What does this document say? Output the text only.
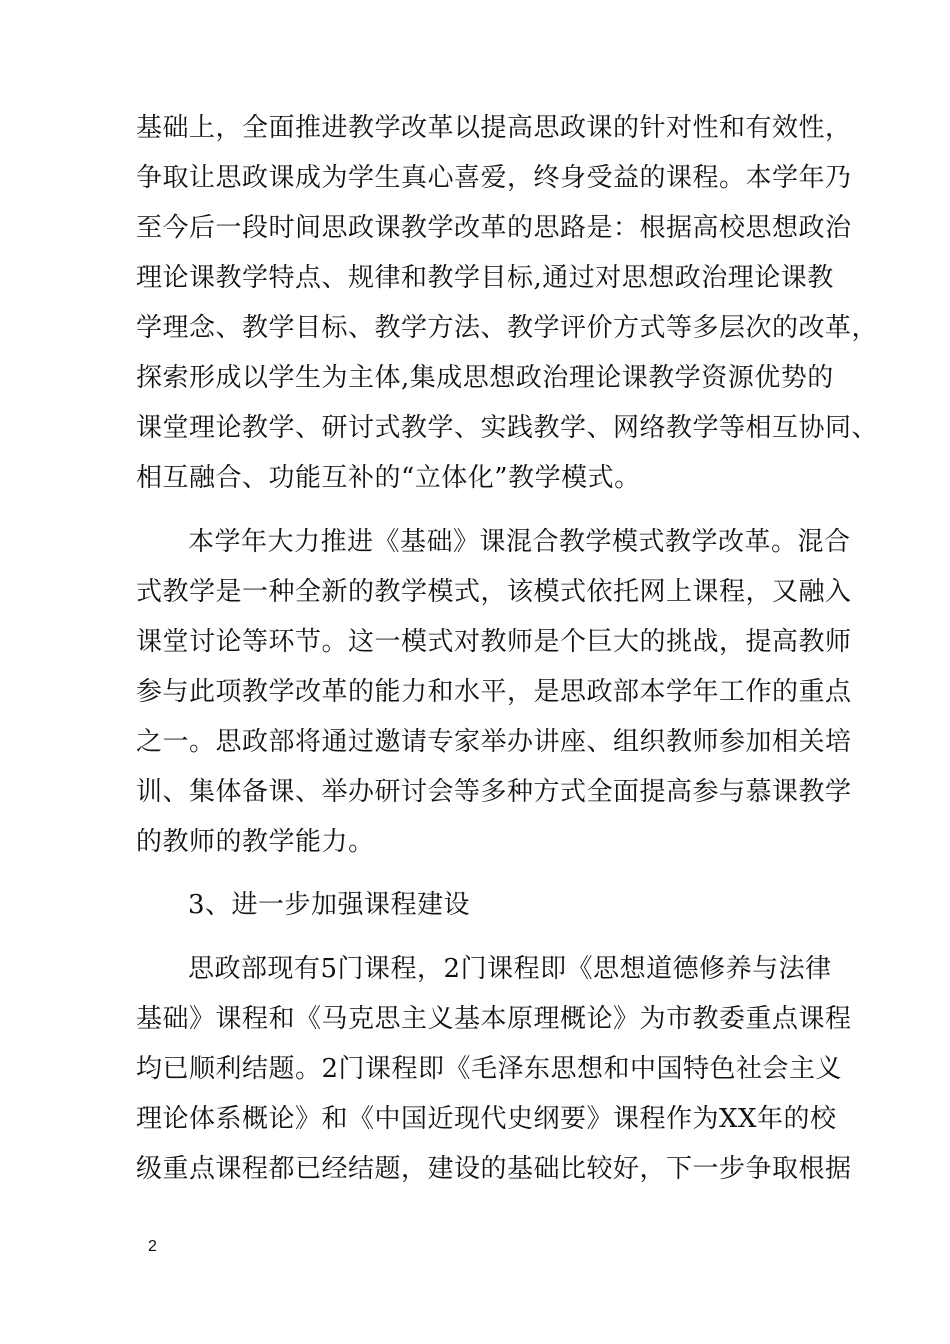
基础上，全面推进教学改革以提高思政课的针对性和有效性，
争取让思政课成为学生真心喜爱，终身受益的课程。本学年乃
至今后一段时间思政课教学改革的思路是：根据高校思想政治
理论课教学特点、规律和教学目标,通过对思想政治理论课教
学理念、教学目标、教学方法、教学评价方式等多层次的改革，
探索形成以学生为主体,集成思想政治理论课教学资源优势的
课堂理论教学、研讨式教学、实践教学、网络教学等相互协同、
相互融合、功能互补的“立体化”教学模式。
本学年大力推进《基础》课混合教学模式教学改革。混合
式教学是一种全新的教学模式，该模式依托网上课程，又融入
课堂讨论等环节。这一模式对教师是个巨大的挑战，提高教师
参与此项教学改革的能力和水平，是思政部本学年工作的重点
之一。思政部将通过邀请专家举办讲座、组织教师参加相关培
训、集体备课、举办研讨会等多种方式全面提高参与慕课教学
的教师的教学能力。
3、进一步加强课程建设
思政部现有5门课程，2门课程即《思想道德修养与法律
基础》课程和《马克思主义基本原理概论》为市教委重点课程
均已顺利结题。2门课程即《毛泽东思想和中国特色社会主义
理论体系概论》和《中国近现代史纲要》课程作为XX年的校
级重点课程都已经结题，建设的基础比较好，下一步争取根据
2
